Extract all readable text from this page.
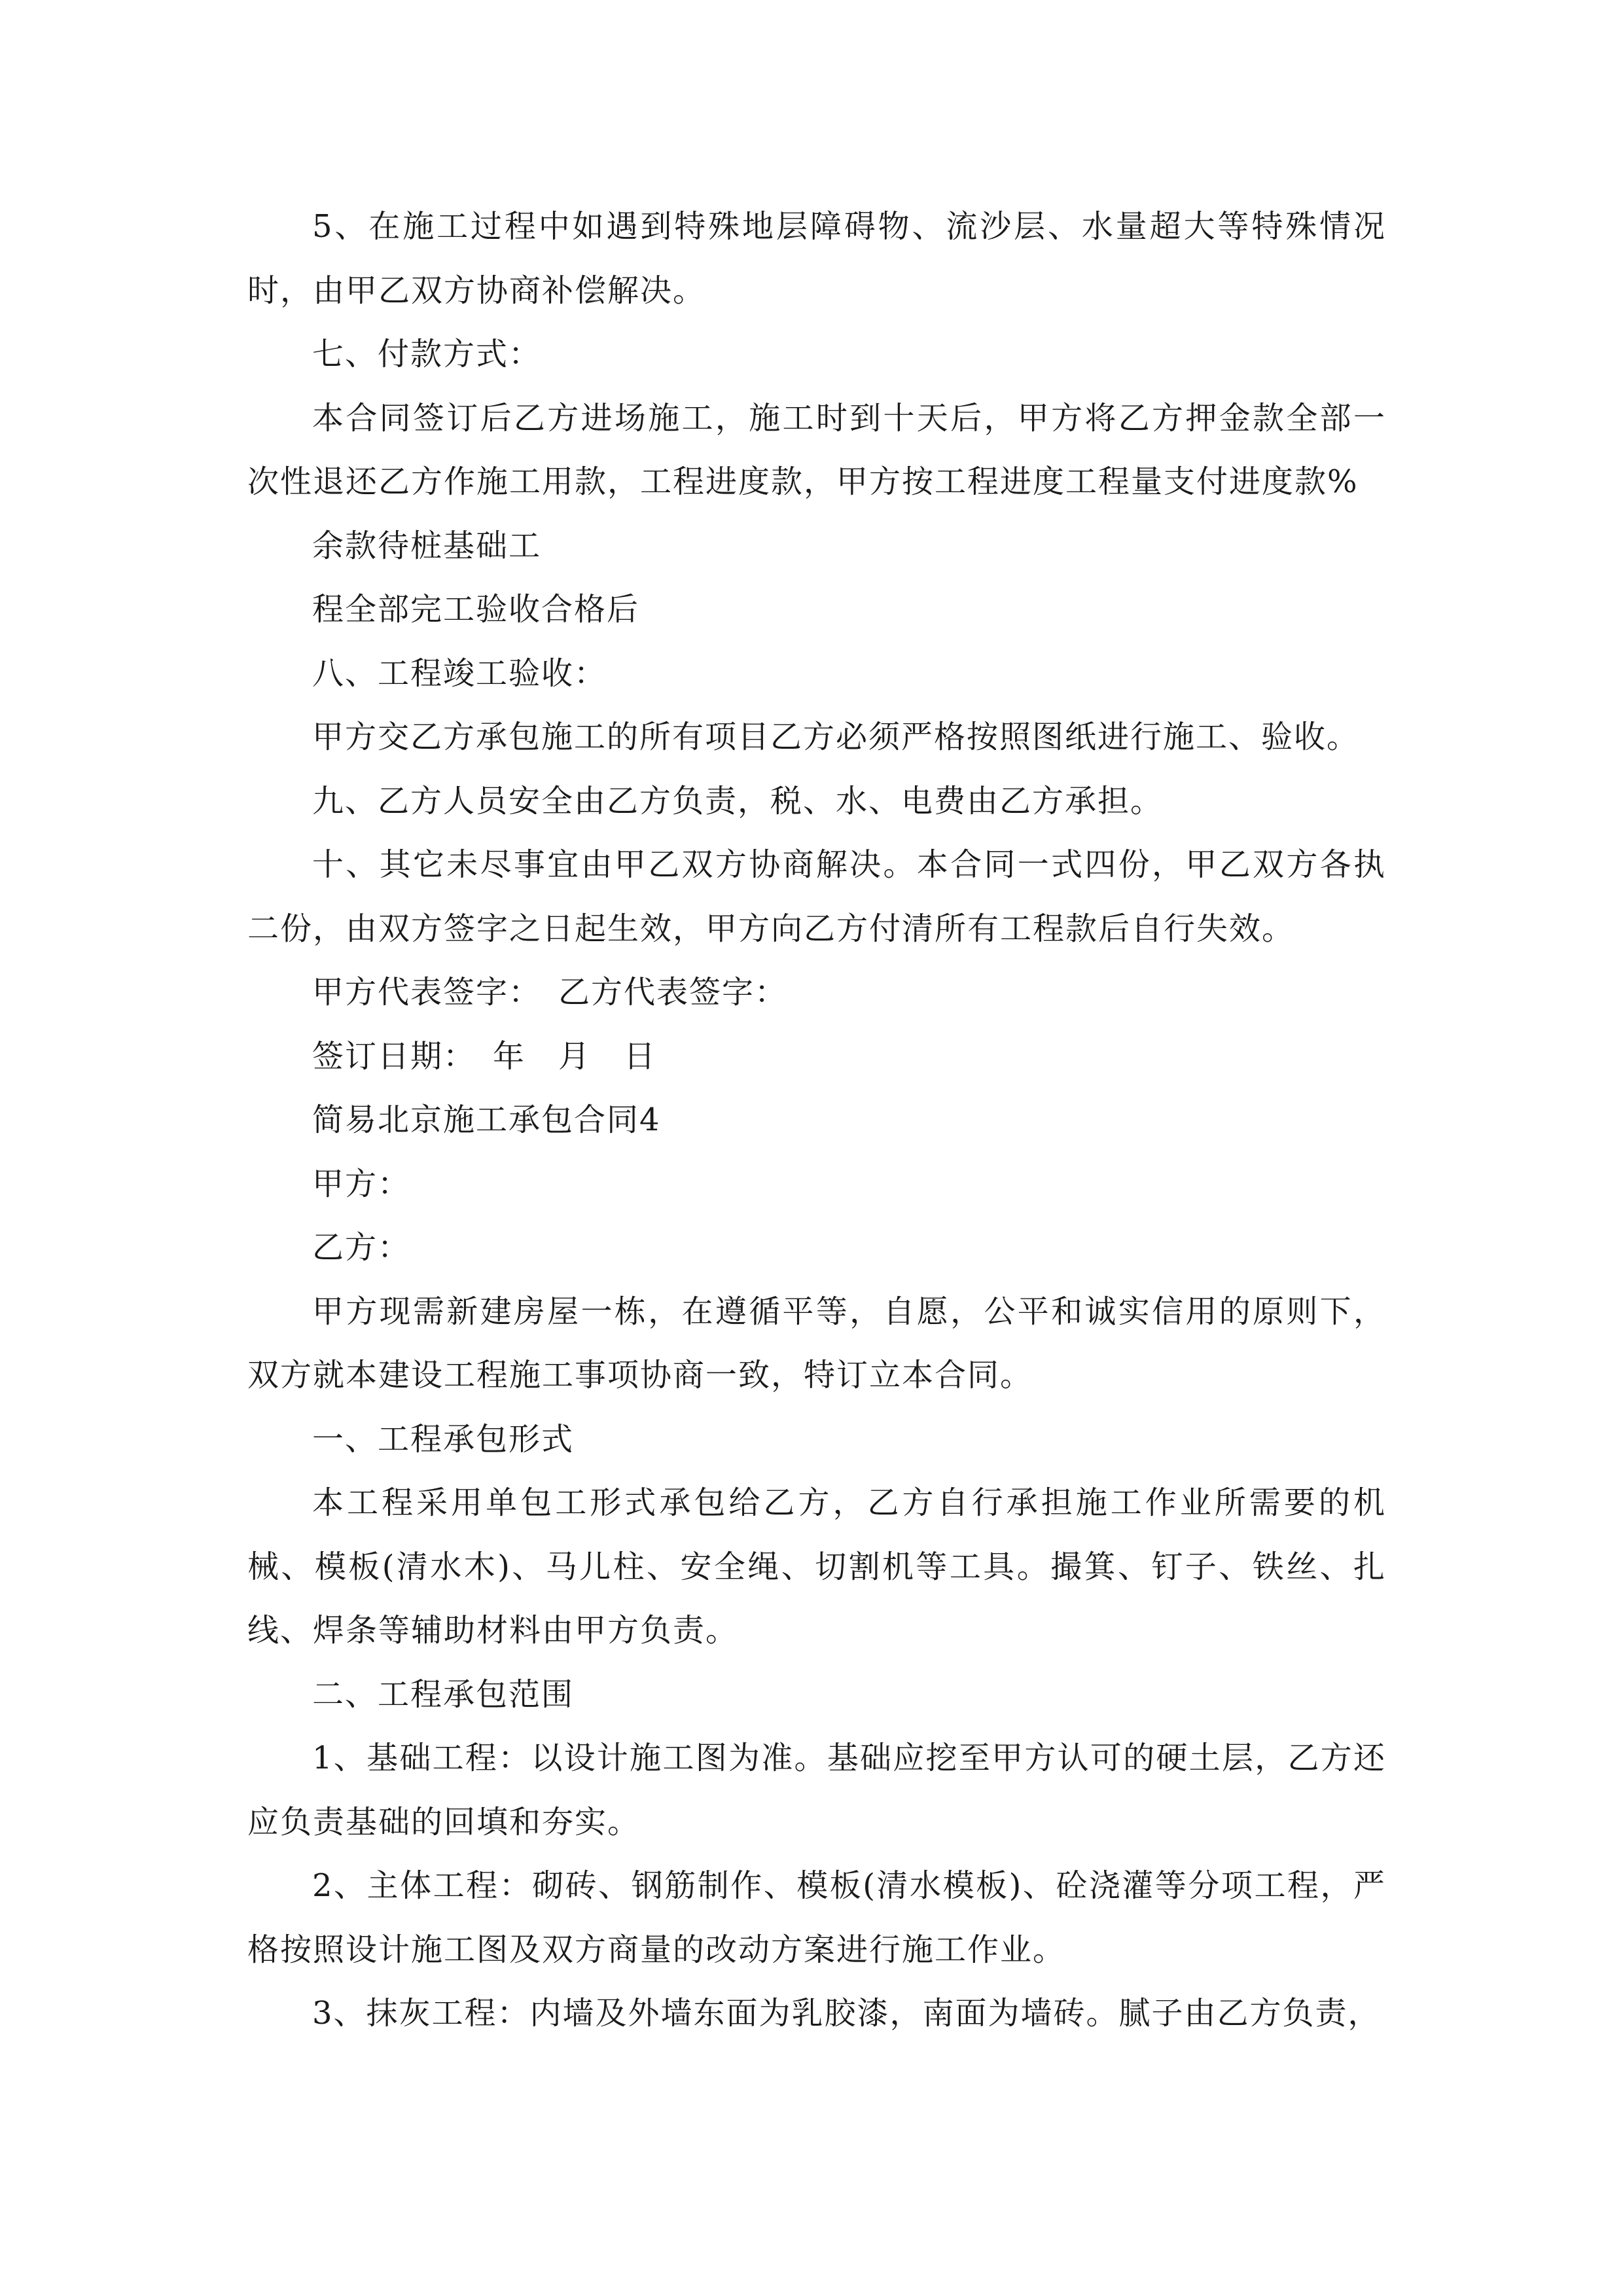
5、在施工过程中如遇到特殊地层障碍物、流沙层、水量超大等特殊情况时，由甲乙双方协商补偿解决。

七、付款方式：

本合同签订后乙方进场施工，施工时到十天后，甲方将乙方押金款全部一次性退还乙方作施工用款，工程进度款，甲方按工程进度工程量支付进度款%

余款待桩基础工

程全部完工验收合格后

八、工程竣工验收：

甲方交乙方承包施工的所有项目乙方必须严格按照图纸进行施工、验收。

九、乙方人员安全由乙方负责，税、水、电费由乙方承担。

十、其它未尽事宜由甲乙双方协商解决。本合同一式四份，甲乙双方各执二份，由双方签字之日起生效，甲方向乙方付清所有工程款后自行失效。

甲方代表签字：　乙方代表签字：

签订日期：　年　月　日

简易北京施工承包合同4

甲方：

乙方：

甲方现需新建房屋一栋，在遵循平等，自愿，公平和诚实信用的原则下，双方就本建设工程施工事项协商一致，特订立本合同。

一、工程承包形式

本工程采用单包工形式承包给乙方，乙方自行承担施工作业所需要的机械、模板(清水木)、马儿柱、安全绳、切割机等工具。撮箕、钉子、铁丝、扎线、焊条等辅助材料由甲方负责。

二、工程承包范围

1、基础工程：以设计施工图为准。基础应挖至甲方认可的硬土层，乙方还应负责基础的回填和夯实。

2、主体工程：砌砖、钢筋制作、模板(清水模板)、砼浇灌等分项工程，严格按照设计施工图及双方商量的改动方案进行施工作业。

3、抹灰工程：内墙及外墙东面为乳胶漆，南面为墙砖。腻子由乙方负责，
